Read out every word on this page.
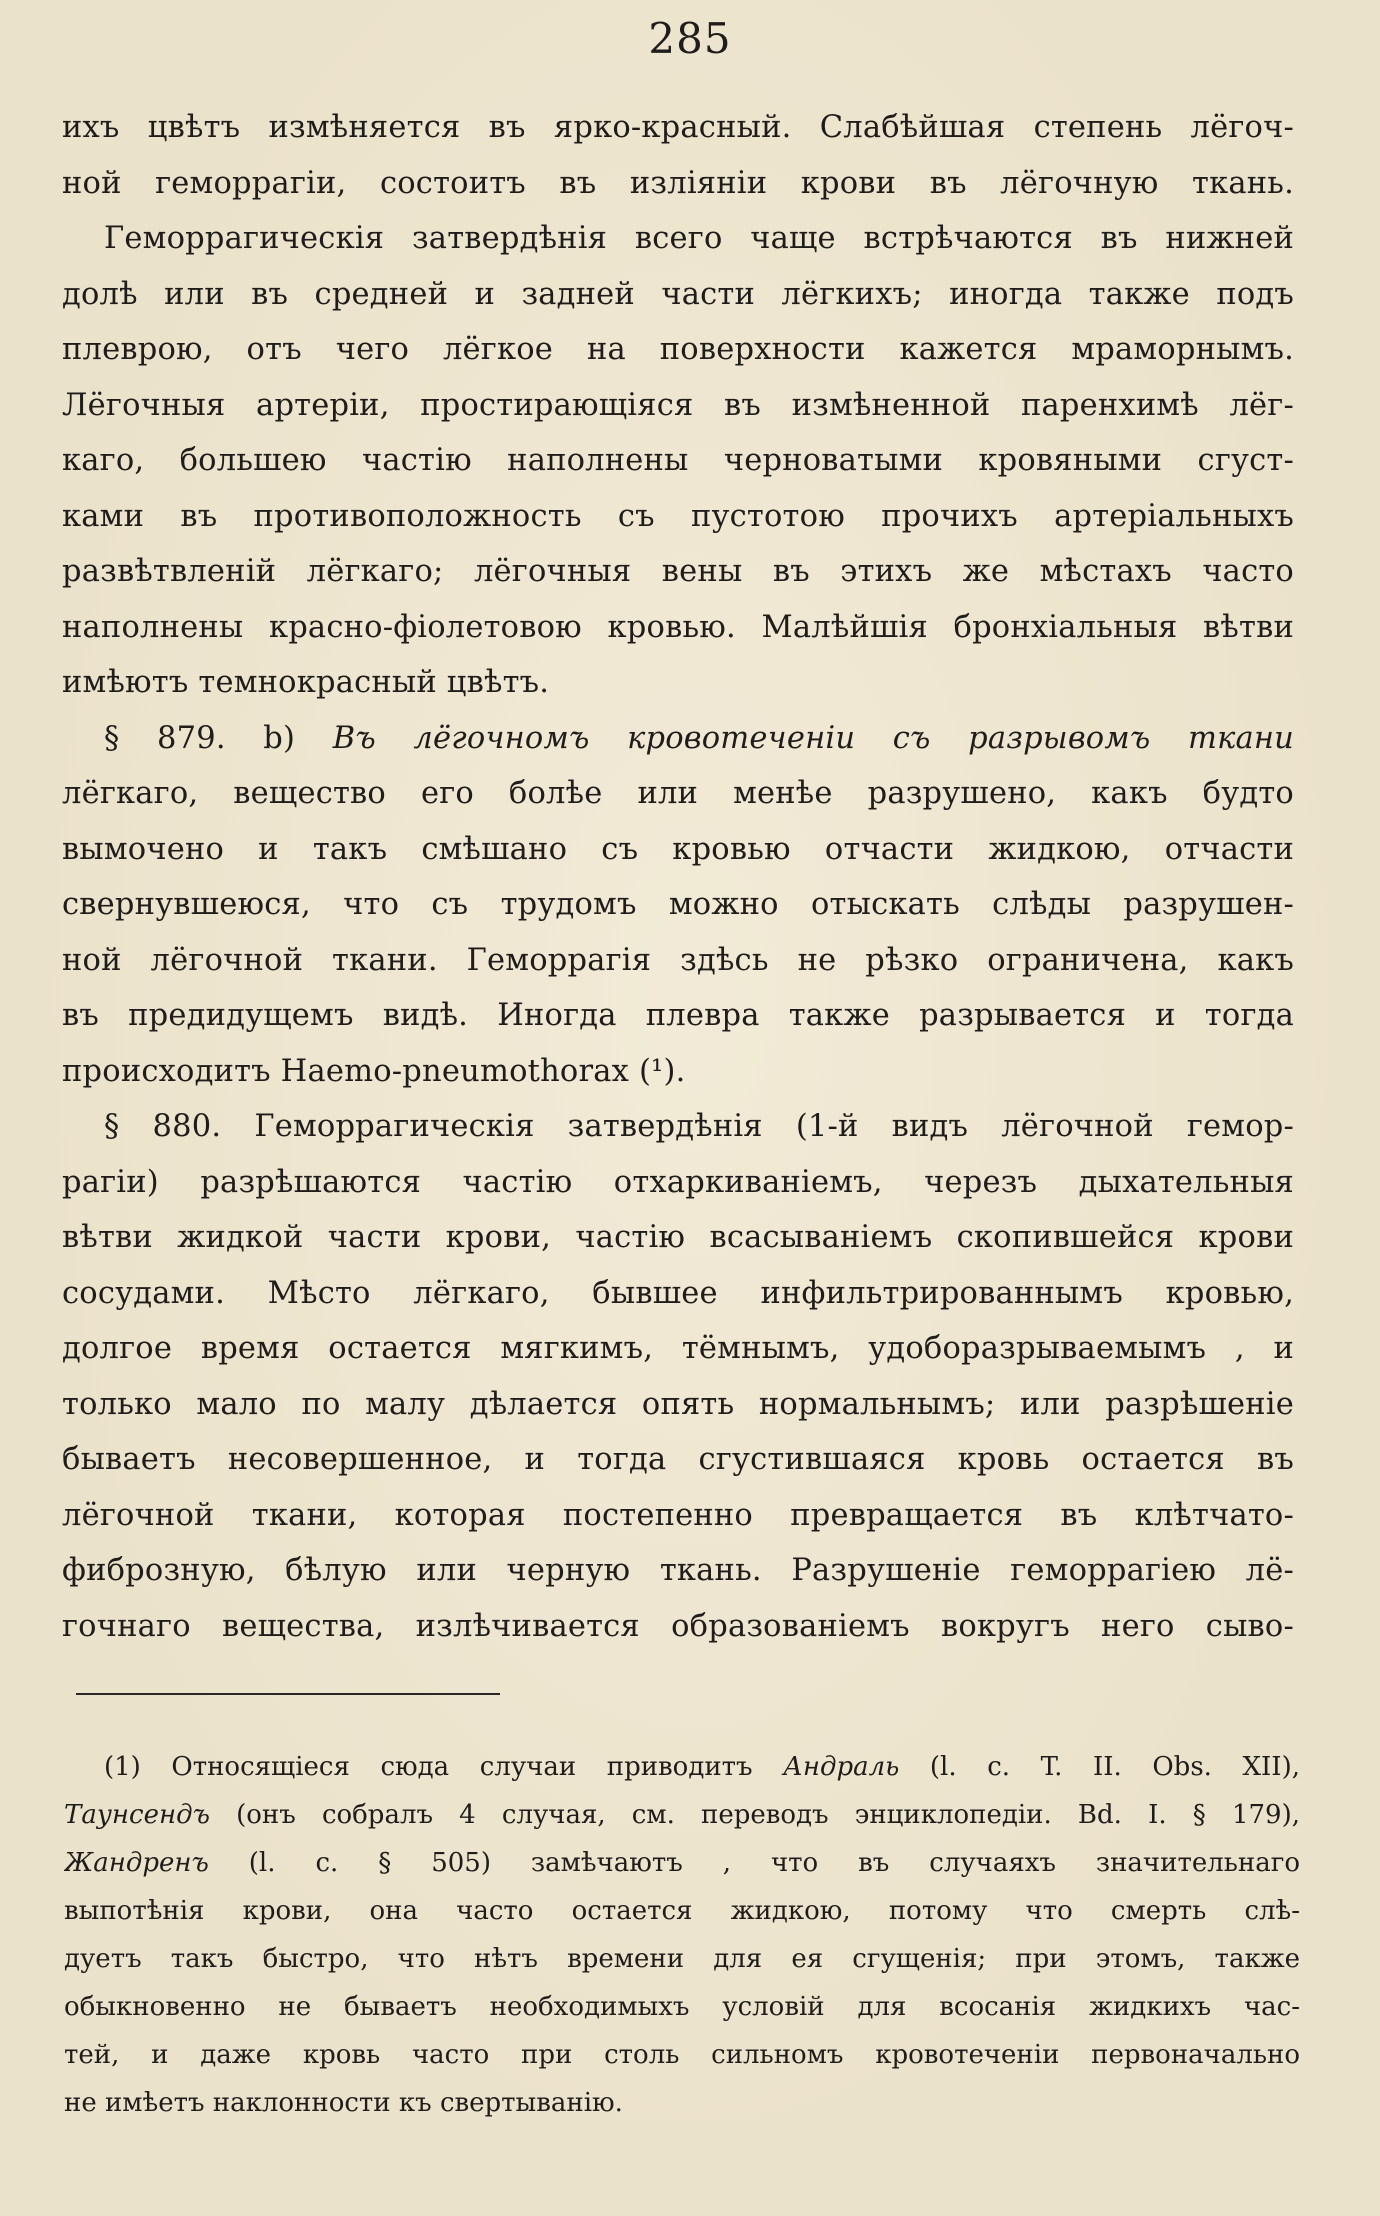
285
ихъ цвѣтъ измѣняется въ ярко-красный. Слабѣйшая степень лёгоч-
ной геморрагіи, состоитъ въ изліяніи крови въ лёгочную ткань.
Геморрагическія затвердѣнія всего чаще встрѣчаются въ нижней
долѣ или въ средней и задней части лёгкихъ; иногда также подъ
плеврою, отъ чего лёгкое на поверхности кажется мраморнымъ.
Лёгочныя артеріи, простирающіяся въ измѣненной паренхимѣ лёг-
каго, большею частію наполнены черноватыми кровяными сгуст-
ками въ противоположность съ пустотою прочихъ артеріальныхъ
развѣтвленій лёгкаго; лёгочныя вены въ этихъ же мѣстахъ часто
наполнены красно-фіолетовою кровью. Малѣйшія бронхіальныя вѣтви
имѣютъ темнокрасный цвѣтъ.
§ 879. b) Въ лёгочномъ кровотеченіи съ разрывомъ ткани
лёгкаго, вещество его болѣе или менѣе разрушено, какъ будто
вымочено и такъ смѣшано съ кровью отчасти жидкою, отчасти
свернувшеюся, что съ трудомъ можно отыскать слѣды разрушен-
ной лёгочной ткани. Геморрагія здѣсь не рѣзко ограничена, какъ
въ предидущемъ видѣ. Иногда плевра также разрывается и тогда
происходитъ Haemo-pneumothorax (¹).
§ 880. Геморрагическія затвердѣнія (1-й видъ лёгочной гемор-
рагіи) разрѣшаются частію отхаркиваніемъ, черезъ дыхательныя
вѣтви жидкой части крови, частію всасываніемъ скопившейся крови
сосудами. Мѣсто лёгкаго, бывшее инфильтрированнымъ кровью,
долгое время остается мягкимъ, тёмнымъ, удоборазрываемымъ , и
только мало по малу дѣлается опять нормальнымъ; или разрѣшеніе
бываетъ несовершенное, и тогда сгустившаяся кровь остается въ
лёгочной ткани, которая постепенно превращается въ клѣтчато-
фиброзную, бѣлую или черную ткань. Разрушеніе геморрагіею лё-
гочнаго вещества, излѣчивается образованіемъ вокругъ него сыво-
(1) Относящіеся сюда случаи приводитъ Андраль (l. c. T. II. Obs. XII),
Таунсендъ (онъ собралъ 4 случая, см. переводъ энциклопедіи. Bd. I. § 179),
Жандренъ (l. c. § 505) замѣчаютъ , что въ случаяхъ значительнаго
выпотѣнія крови, она часто остается жидкою, потому что смерть слѣ-
дуетъ такъ быстро, что нѣтъ времени для ея сгущенія; при этомъ, также
обыкновенно не бываетъ необходимыхъ условій для всосанія жидкихъ час-
тей, и даже кровь часто при столь сильномъ кровотеченіи первоначально
не имѣетъ наклонности къ свертыванію.
